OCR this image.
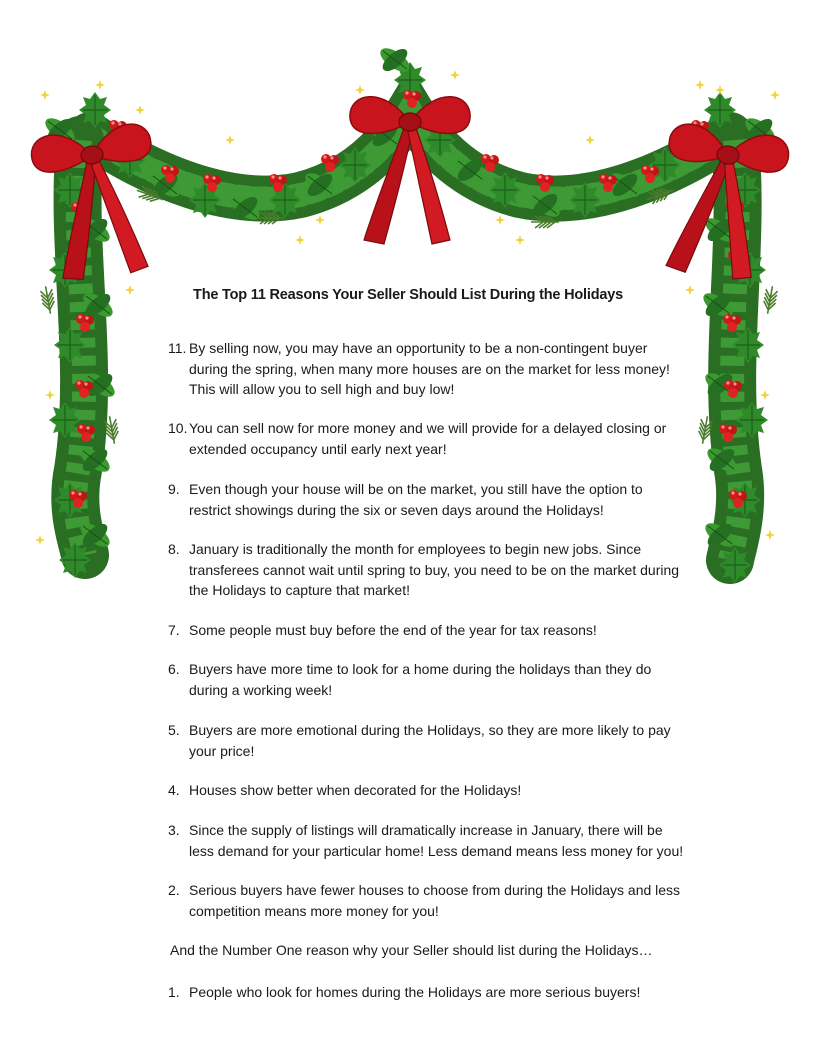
The Top 11 Reasons Your Seller Should List During the Holidays
11. By selling now, you may have an opportunity to be a non-contingent buyer during the spring, when many more houses are on the market for less money! This will allow you to sell high and buy low!
10. You can sell now for more money and we will provide for a delayed closing or extended occupancy until early next year!
9. Even though your house will be on the market, you still have the option to restrict showings during the six or seven days around the Holidays!
8. January is traditionally the month for employees to begin new jobs. Since transferees cannot wait until spring to buy, you need to be on the market during the Holidays to capture that market!
7. Some people must buy before the end of the year for tax reasons!
6. Buyers have more time to look for a home during the holidays than they do during a working week!
5. Buyers are more emotional during the Holidays, so they are more likely to pay your price!
4. Houses show better when decorated for the Holidays!
3. Since the supply of listings will dramatically increase in January, there will be less demand for your particular home! Less demand means less money for you!
2. Serious buyers have fewer houses to choose from during the Holidays and less competition means more money for you!
And the Number One reason why your Seller should list during the Holidays…
1. People who look for homes during the Holidays are more serious buyers!
